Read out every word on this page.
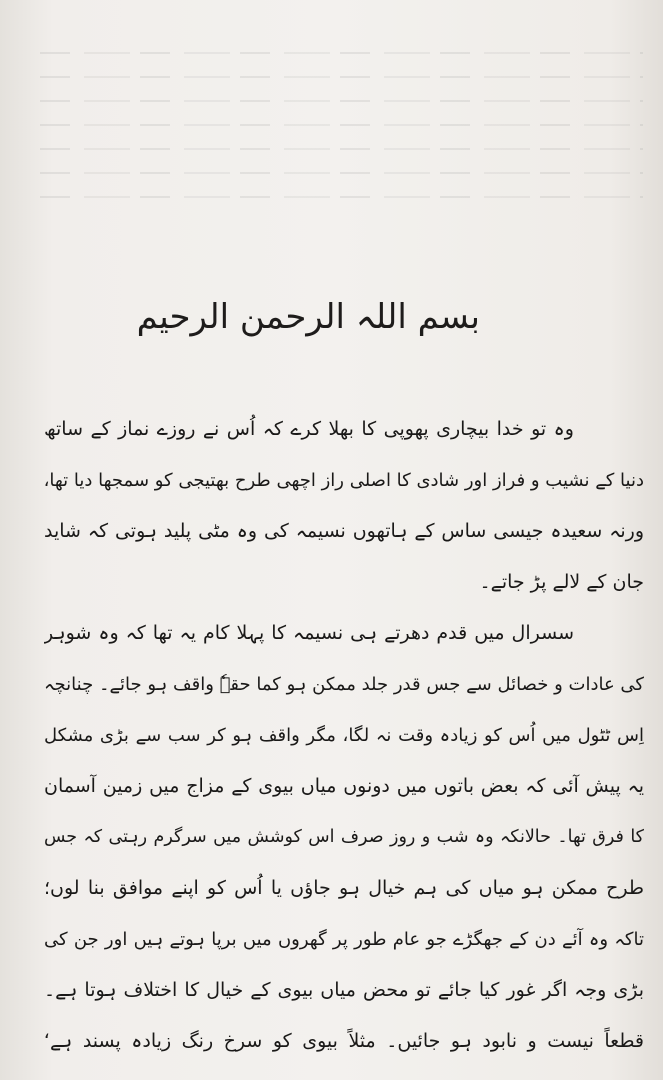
بسم اللہ الرحمن الرحیم
وہ تو خدا بیچاری پھوپی کا بھلا کرے کہ اُس نے روزے نماز کے ساتھ
دنیا کے نشیب و فراز اور شادی کا اصلی راز اچھی طرح بھتیجی کو سمجھا دیا تھا،
ورنہ سعیدہ جیسی ساس کے ہاتھوں نسیمہ کی وہ مٹی پلید ہوتی کہ شاید
جان کے لالے پڑ جاتے۔
سسرال میں قدم دھرتے ہی نسیمہ کا پہلا کام یہ تھا کہ وہ شوہر
کی عادات و خصائل سے جس قدر جلد ممکن ہو کما حقہٗ واقف ہو جائے۔ چنانچہ
اِس ٹٹول میں اُس کو زیادہ وقت نہ لگا، مگر واقف ہو کر سب سے بڑی مشکل
یہ پیش آئی کہ بعض باتوں میں دونوں میاں بیوی کے مزاج میں زمین آسمان
کا فرق تھا۔ حالانکہ وہ شب و روز صرف اس کوشش میں سرگرم رہتی کہ جس
طرح ممکن ہو میاں کی ہم خیال ہو جاؤں یا اُس کو اپنے موافق بنا لوں؛
تاکہ وہ آئے دن کے جھگڑے جو عام طور پر گھروں میں برپا ہوتے ہیں اور جن کی
بڑی وجہ اگر غور کیا جائے تو محض میاں بیوی کے خیال کا اختلاف ہوتا ہے۔
قطعاً نیست و نابود ہو جائیں۔ مثلاً بیوی کو سرخ رنگ زیادہ پسند ہے‘
